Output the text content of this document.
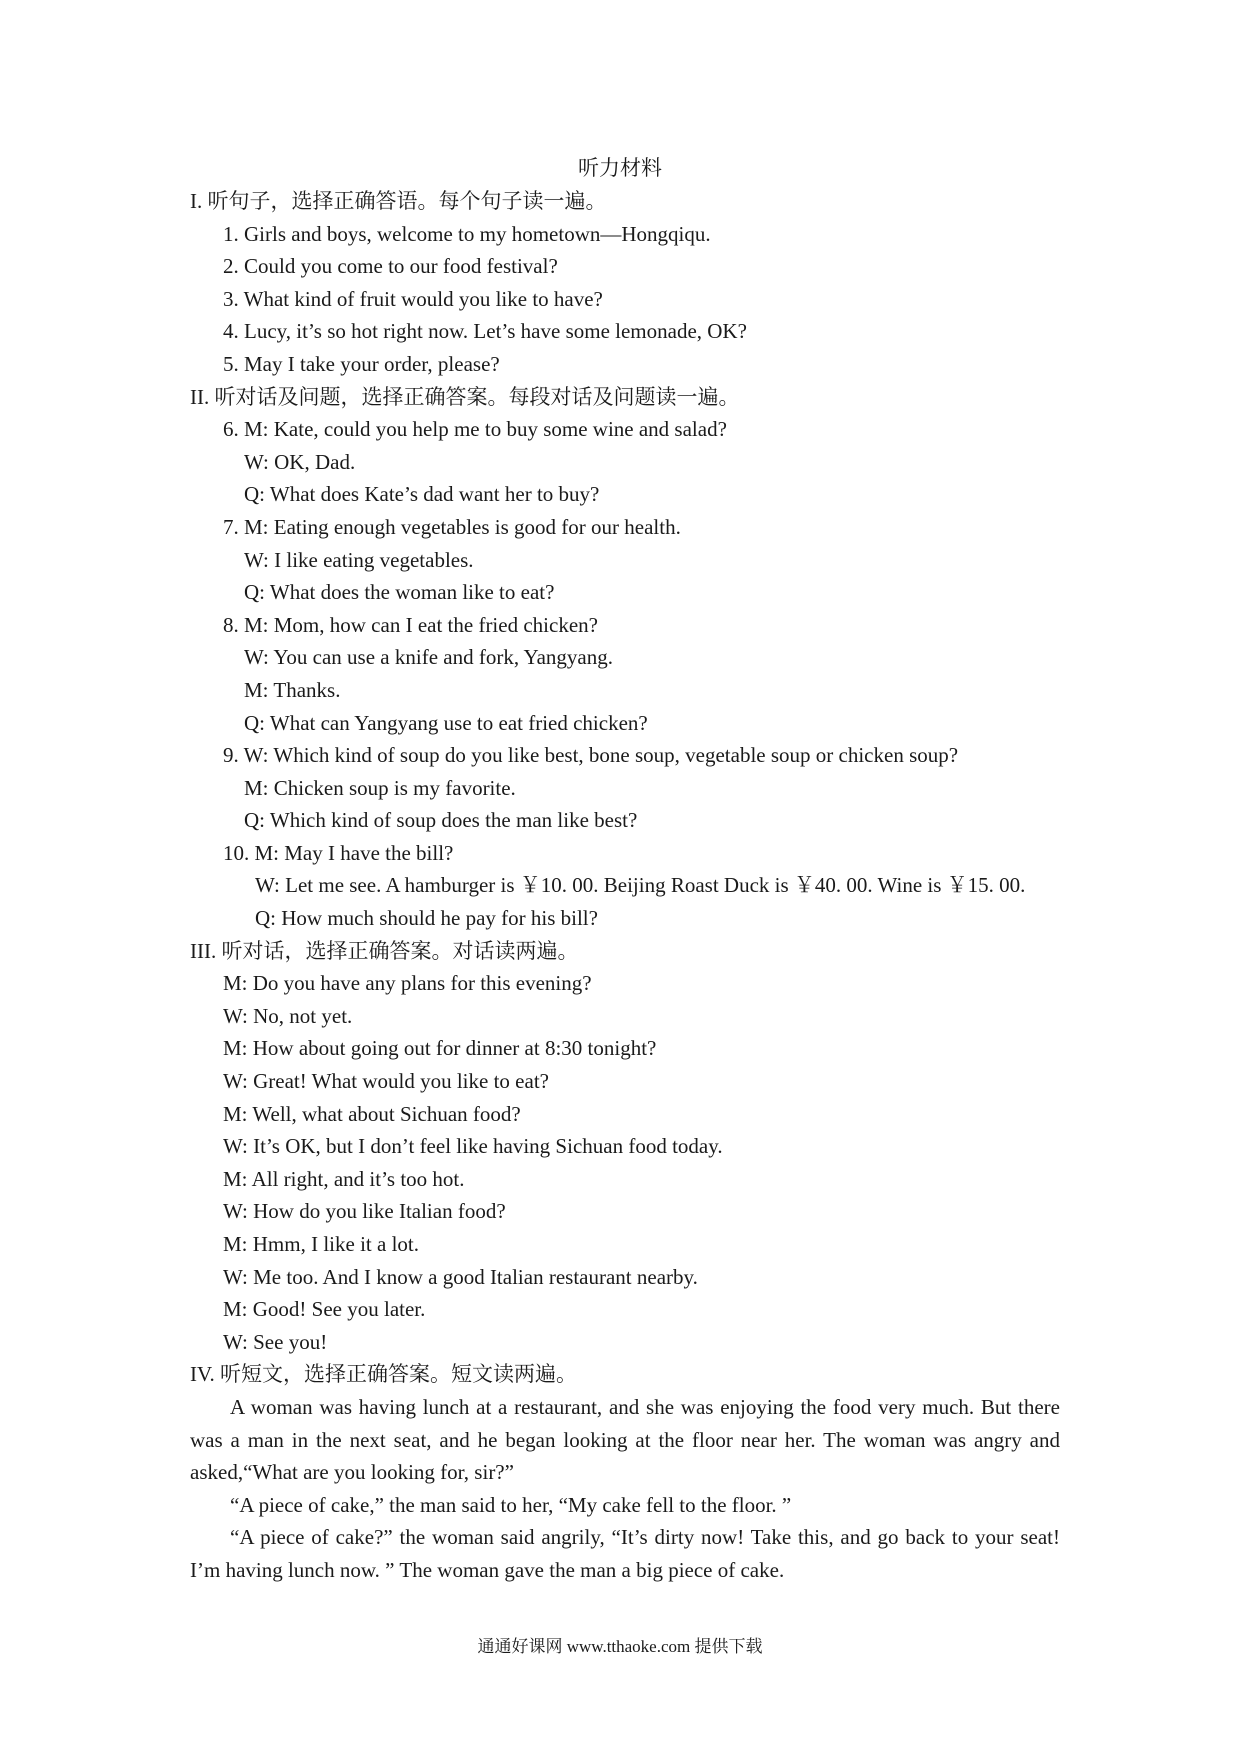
听力材料
I. 听句子，选择正确答语。每个句子读一遍。
1. Girls and boys, welcome to my hometown—Hongqiqu.
2. Could you come to our food festival?
3. What kind of fruit would you like to have?
4. Lucy, it’s so hot right now. Let’s have some lemonade, OK?
5. May I take your order, please?
II. 听对话及问题，选择正确答案。每段对话及问题读一遍。
6. M: Kate, could you help me to buy some wine and salad?
W: OK, Dad.
Q: What does Kate’s dad want her to buy?
7. M: Eating enough vegetables is good for our health.
W: I like eating vegetables.
Q: What does the woman like to eat?
8. M: Mom, how can I eat the fried chicken?
W: You can use a knife and fork, Yangyang.
M: Thanks.
Q: What can Yangyang use to eat fried chicken?
9. W: Which kind of soup do you like best, bone soup, vegetable soup or chicken soup?
M: Chicken soup is my favorite.
Q: Which kind of soup does the man like best?
10. M: May I have the bill?
W: Let me see. A hamburger is ￥10. 00. Beijing Roast Duck is ￥40. 00. Wine is ￥15. 00.
Q: How much should he pay for his bill?
III. 听对话，选择正确答案。对话读两遍。
M: Do you have any plans for this evening?
W: No, not yet.
M: How about going out for dinner at 8:30 tonight?
W: Great! What would you like to eat?
M: Well, what about Sichuan food?
W: It’s OK, but I don’t feel like having Sichuan food today.
M: All right, and it’s too hot.
W: How do you like Italian food?
M: Hmm, I like it a lot.
W: Me too. And I know a good Italian restaurant nearby.
M: Good! See you later.
W: See you!
IV. 听短文，选择正确答案。短文读两遍。

A woman was having lunch at a restaurant, and she was enjoying the food very much. But there was a man in the next seat, and he began looking at the floor near her. The woman was angry and asked,“What are you looking for, sir?”

“A piece of cake,” the man said to her, “My cake fell to the floor. ”

“A piece of cake?” the woman said angrily, “It’s dirty now! Take this, and go back to your seat! I’m having lunch now. ” The woman gave the man a big piece of cake.

通通好课网 www.tthaoke.com 提供下载
